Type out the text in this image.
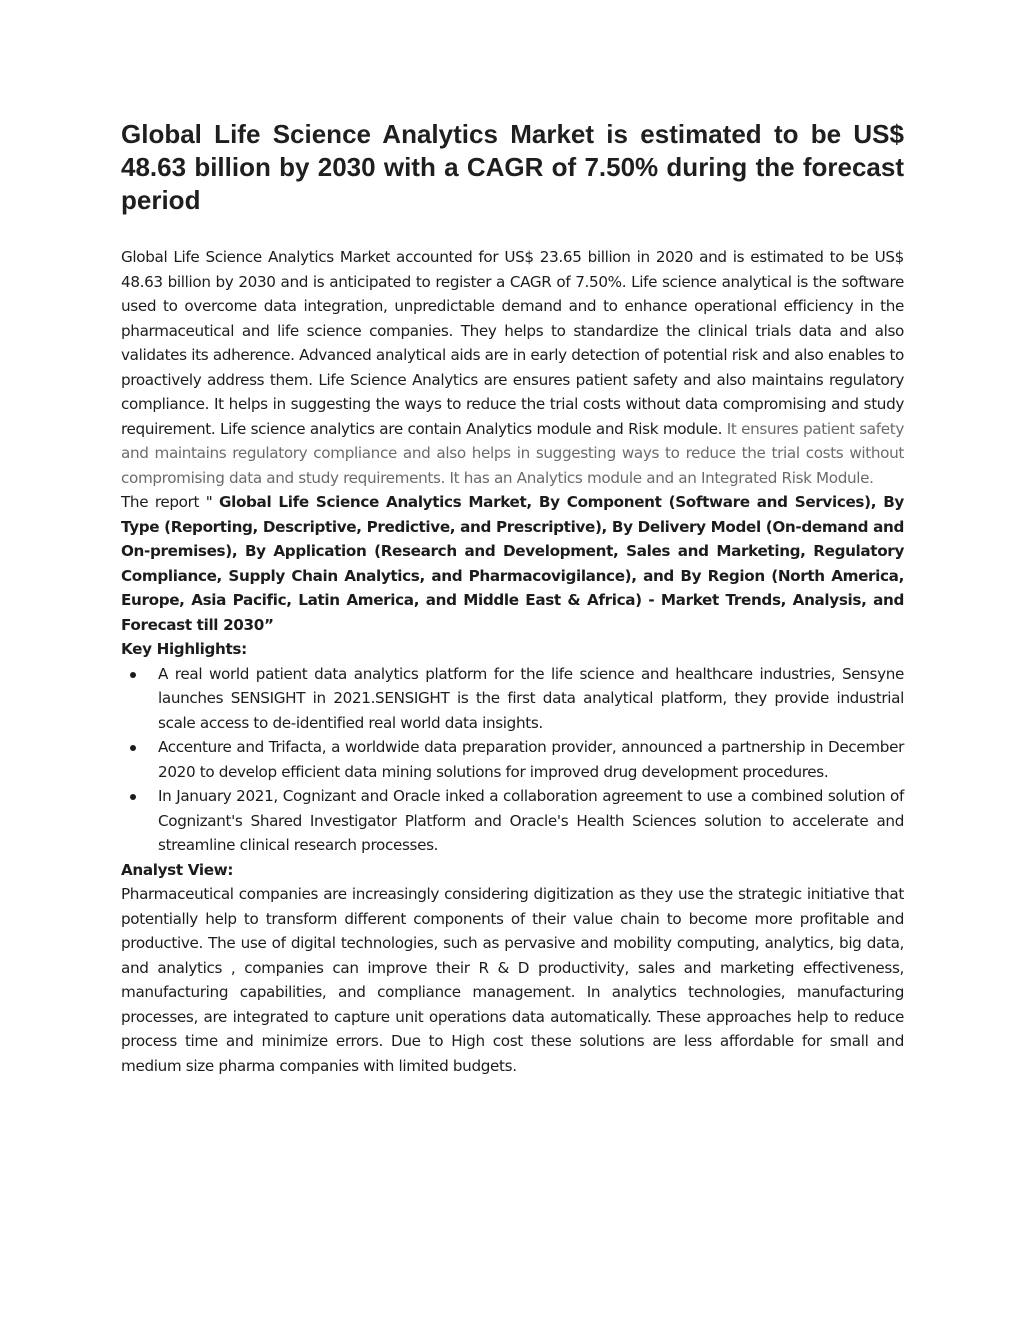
Global Life Science Analytics Market is estimated to be US$ 48.63 billion by 2030 with a CAGR of 7.50% during the forecast period

Global Life Science Analytics Market accounted for US$ 23.65 billion in 2020 and is estimated to be US$ 48.63 billion by 2030 and is anticipated to register a CAGR of 7.50%. Life science analytical is the software used to overcome data integration, unpredictable demand and to enhance operational efficiency in the pharmaceutical and life science companies. They helps to standardize the clinical trials data and also validates its adherence. Advanced analytical aids are in early detection of potential risk and also enables to proactively address them. Life Science Analytics are ensures patient safety and also maintains regulatory compliance. It helps in suggesting the ways to reduce the trial costs without data compromising and study requirement. Life science analytics are contain Analytics module and Risk module. It ensures patient safety and maintains regulatory compliance and also helps in suggesting ways to reduce the trial costs without compromising data and study requirements. It has an Analytics module and an Integrated Risk Module.

The report " Global Life Science Analytics Market, By Component (Software and Services), By Type (Reporting, Descriptive, Predictive, and Prescriptive), By Delivery Model (On-demand and On-premises), By Application (Research and Development, Sales and Marketing, Regulatory Compliance, Supply Chain Analytics, and Pharmacovigilance), and By Region (North America, Europe, Asia Pacific, Latin America, and Middle East & Africa) - Market Trends, Analysis, and Forecast till 2030”

Key Highlights:

A real world patient data analytics platform for the life science and healthcare industries, Sensyne launches SENSIGHT in 2021.SENSIGHT is the first data analytical platform, they provide industrial scale access to de-identified real world data insights.
Accenture and Trifacta, a worldwide data preparation provider, announced a partnership in December 2020 to develop efficient data mining solutions for improved drug development procedures.
In January 2021, Cognizant and Oracle inked a collaboration agreement to use a combined solution of Cognizant's Shared Investigator Platform and Oracle's Health Sciences solution to accelerate and streamline clinical research processes.

Analyst View:

Pharmaceutical companies are increasingly considering digitization as they use the strategic initiative that potentially help to transform different components of their value chain to become more profitable and productive. The use of digital technologies, such as pervasive and mobility computing, analytics, big data, and analytics , companies can improve their R & D productivity, sales and marketing effectiveness, manufacturing capabilities, and compliance management. In analytics technologies, manufacturing processes, are integrated to capture unit operations data automatically. These approaches help to reduce process time and minimize errors. Due to High cost these solutions are less affordable for small and medium size pharma companies with limited budgets.
